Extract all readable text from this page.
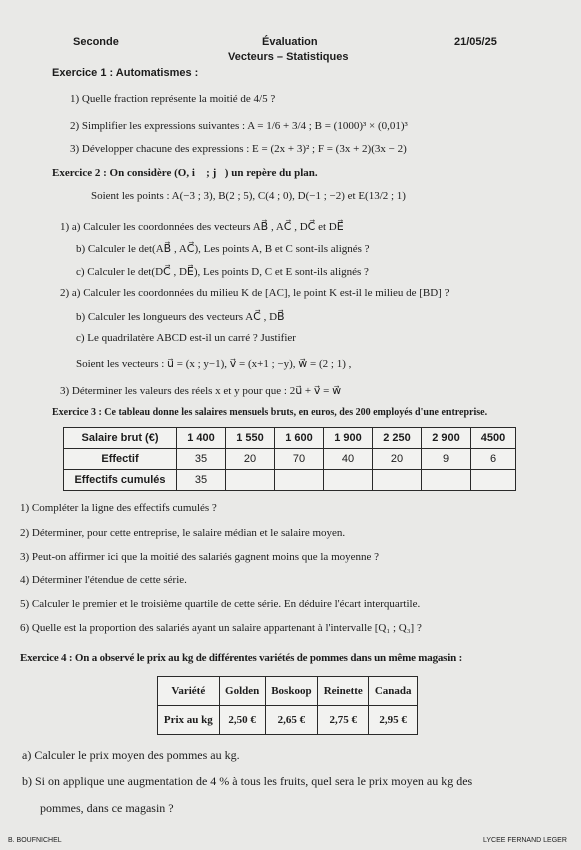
Seconde	Évaluation	21/05/25
Vecteurs – Statistiques
Exercice 1 : Automatismes :
1) Quelle fraction représente la moitié de 4/5 ?
2) Simplifier les expressions suivantes : A = 1/6 + 3/4 ; B = (1000)³ × (0,01)³
3) Développer chacune des expressions : E = (2x + 3)² ; F = (3x + 2)(3x − 2)
Exercice 2 : On considère (O, i⃗ ; j⃗) un repère du plan.
Soient les points : A(−3 ; 3), B(2 ; 5), C(4 ; 0), D(−1 ; −2) et E(13/2 ; 1)
1) a) Calculer les coordonnées des vecteurs AB⃗ , AC⃗ , DC⃗ et DE⃗
b) Calculer le det(AB⃗ , AC⃗), Les points A, B et C sont-ils alignés ?
c) Calculer le det(DC⃗ , DE⃗), Les points D, C et E sont-ils alignés ?
2) a) Calculer les coordonnées du milieu K de [AC], le point K est-il le milieu de [BD] ?
b) Calculer les longueurs des vecteurs AC⃗ , DB⃗
c) Le quadrilatère ABCD est-il un carré ? Justifier
Soient les vecteurs : u⃗ = (x ; y−1), v⃗ = (x+1 ; −y), w⃗ = (2 ; 1) ,
3) Déterminer les valeurs des réels x et y pour que : 2u⃗ + v⃗ = w⃗
Exercice 3 : Ce tableau donne les salaires mensuels bruts, en euros, des 200 employés d'une entreprise.
Salaire brut (€)	1 400	1 550	1 600	1 900	2 250	2 900	4500
Effectif	35	20	70	40	20	9	6
Effectifs cumulés	35						
1) Compléter la ligne des effectifs cumulés ?
2) Déterminer, pour cette entreprise, le salaire médian et le salaire moyen.
3) Peut-on affirmer ici que la moitié des salariés gagnent moins que la moyenne ?
4) Déterminer l'étendue de cette série.
5) Calculer le premier et le troisième quartile de cette série. En déduire l'écart interquartile.
6) Quelle est la proportion des salariés ayant un salaire appartenant à l'intervalle [Q₁ ; Q₃] ?
Exercice 4 : On a observé le prix au kg de différentes variétés de pommes dans un même magasin :
Variété	Golden	Boskoop	Reinette	Canada
Prix au kg	2,50 €	2,65 €	2,75 €	2,95 €
a) Calculer le prix moyen des pommes au kg.
b) Si on applique une augmentation de 4 % à tous les fruits, quel sera le prix moyen au kg des
pommes, dans ce magasin ?
B. BOUFNICHEL	LYCEE FERNAND LEGER
